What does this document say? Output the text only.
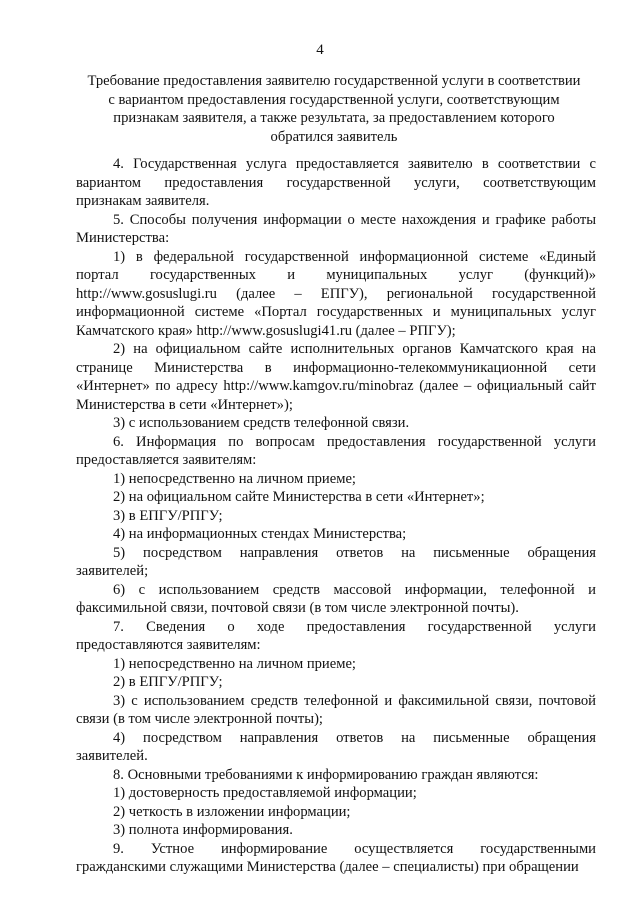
4
Требование предоставления заявителю государственной услуги в соответствии
с вариантом предоставления государственной услуги, соответствующим
признакам заявителя, а также результата, за предоставлением которого
обратился заявитель

4. Государственная услуга предоставляется заявителю в соответствии с
вариантом предоставления государственной услуги, соответствующим
признакам заявителя.

5. Способы получения информации о месте нахождения и графике работы
Министерства:

1) в федеральной государственной информационной системе «Единый
портал государственных и муниципальных услуг (функций)»
http://www.gosuslugi.ru (далее – ЕПГУ), региональной государственной
информационной системе «Портал государственных и муниципальных услуг
Камчатского края» http://www.gosuslugi41.ru (далее – РПГУ);

2) на официальном сайте исполнительных органов Камчатского края на
странице Министерства в информационно-телекоммуникационной сети
«Интернет» по адресу http://www.kamgov.ru/minobraz (далее – официальный сайт
Министерства в сети «Интернет»);

3) с использованием средств телефонной связи.

6. Информация по вопросам предоставления государственной услуги
предоставляется заявителям:

1) непосредственно на личном приеме;

2) на официальном сайте Министерства в сети «Интернет»;

3) в ЕПГУ/РПГУ;

4) на информационных стендах Министерства;

5) посредством направления ответов на письменные обращения
заявителей;

6) с использованием средств массовой информации, телефонной и
факсимильной связи, почтовой связи (в том числе электронной почты).

7. Сведения о ходе предоставления государственной услуги
предоставляются заявителям:

1) непосредственно на личном приеме;

2) в ЕПГУ/РПГУ;

3) с использованием средств телефонной и факсимильной связи, почтовой
связи (в том числе электронной почты);

4) посредством направления ответов на письменные обращения
заявителей.

8. Основными требованиями к информированию граждан являются:

1) достоверность предоставляемой информации;

2) четкость в изложении информации;

3) полнота информирования.

9. Устное информирование осуществляется государственными
гражданскими служащими Министерства (далее – специалисты) при обращении
